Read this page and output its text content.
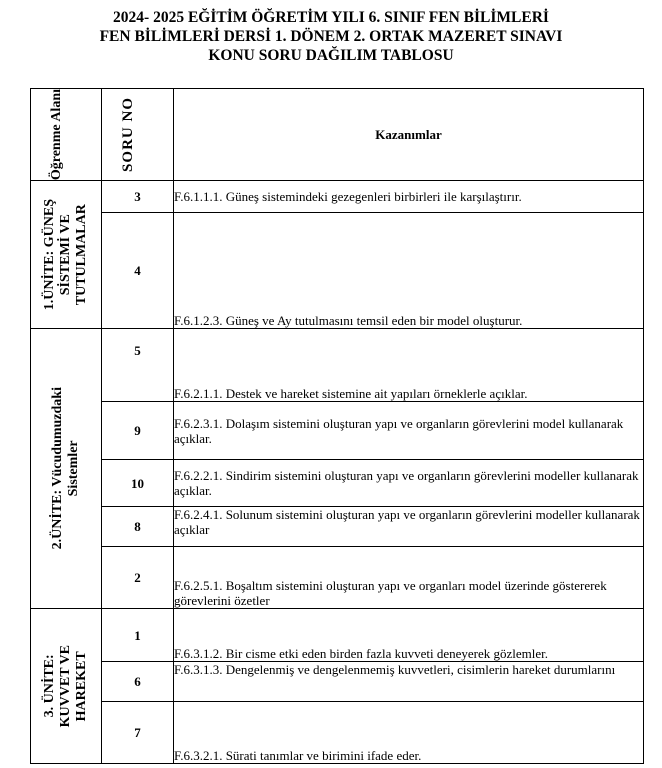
2024- 2025 EĞİTİM ÖĞRETİM YILI 6. SINIF FEN BİLİMLERİ
FEN BİLİMLERİ DERSİ 1. DÖNEM 2. ORTAK MAZERET SINAVI
KONU SORU DAĞILIM TABLOSU
Öğrenme Alanı	SORU NO	Kazanımlar

1.ÜNİTE: GÜNEŞ SİSTEMİ VE TUTULMALAR	3	F.6.1.1.1. Güneş sistemindeki gezegenleri birbirleri ile karşılaştırır.
	4	F.6.1.2.3. Güneş ve Ay tutulmasını temsil eden bir model oluşturur.

2.ÜNİTE: Vücudumuzdaki Sistemler	5	F.6.2.1.1. Destek ve hareket sistemine ait yapıları örneklerle açıklar.
	9	F.6.2.3.1. Dolaşım sistemini oluşturan yapı ve organların görevlerini model kullanarak açıklar.
	10	F.6.2.2.1. Sindirim sistemini oluşturan yapı ve organların görevlerini modeller kullanarak açıklar.
	8	F.6.2.4.1. Solunum sistemini oluşturan yapı ve organların görevlerini modeller kullanarak açıklar
	2	F.6.2.5.1. Boşaltım sistemini oluşturan yapı ve organları model üzerinde göstererek görevlerini özetler

3. ÜNİTE: KUVVET VE HAREKET	1	F.6.3.1.2. Bir cisme etki eden birden fazla kuvveti deneyerek gözlemler.
	6	F.6.3.1.3. Dengelenmiş ve dengelenmemiş kuvvetleri, cisimlerin hareket durumlarını
	7	F.6.3.2.1. Sürati tanımlar ve birimini ifade eder.
